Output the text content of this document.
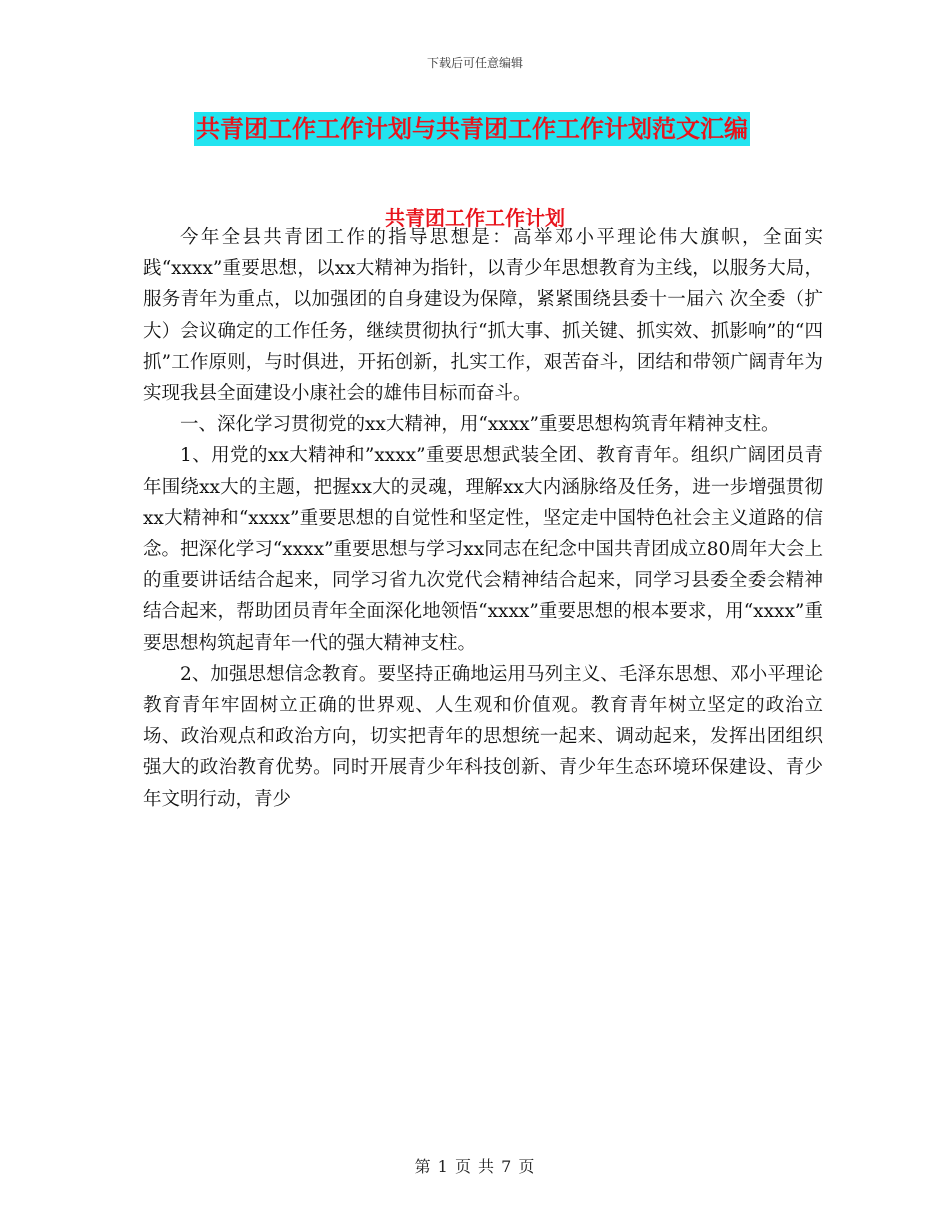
下载后可任意编辑
共青团工作工作计划与共青团工作工作计划范文汇编
共青团工作工作计划

今年全县共青团工作的指导思想是：高举邓小平理论伟大旗帜，全面实践“xxxx”重要思想，以xx大精神为指针，以青少年思想教育为主线，以服务大局，服务青年为重点，以加强团的自身建设为保障，紧紧围绕县委十一届六 次全委（扩大）会议确定的工作任务，继续贯彻执行“抓大事、抓关键、抓实效、抓影响”的“四抓”工作原则，与时俱进，开拓创新，扎实工作，艰苦奋斗，团结和带领广阔青年为实现我县全面建设小康社会的雄伟目标而奋斗。

一、深化学习贯彻党的xx大精神，用“xxxx”重要思想构筑青年精神支柱。

1、用党的xx大精神和”xxxx”重要思想武装全团、教育青年。组织广阔团员青年围绕xx大的主题，把握xx大的灵魂，理解xx大内涵脉络及任务，进一步增强贯彻xx大精神和“xxxx”重要思想的自觉性和坚定性，坚定走中国特色社会主义道路的信念。把深化学习“xxxx”重要思想与学习xx同志在纪念中国共青团成立80周年大会上的重要讲话结合起来，同学习省九次党代会精神结合起来，同学习县委全委会精神结合起来，帮助团员青年全面深化地领悟“xxxx”重要思想的根本要求，用“xxxx”重要思想构筑起青年一代的强大精神支柱。

2、加强思想信念教育。要坚持正确地运用马列主义、毛泽东思想、邓小平理论教育青年牢固树立正确的世界观、人生观和价值观。教育青年树立坚定的政治立场、政治观点和政治方向，切实把青年的思想统一起来、调动起来，发挥出团组织强大的政治教育优势。同时开展青少年科技创新、青少年生态环境环保建设、青少年文明行动，青少

第 1 页 共 7 页
